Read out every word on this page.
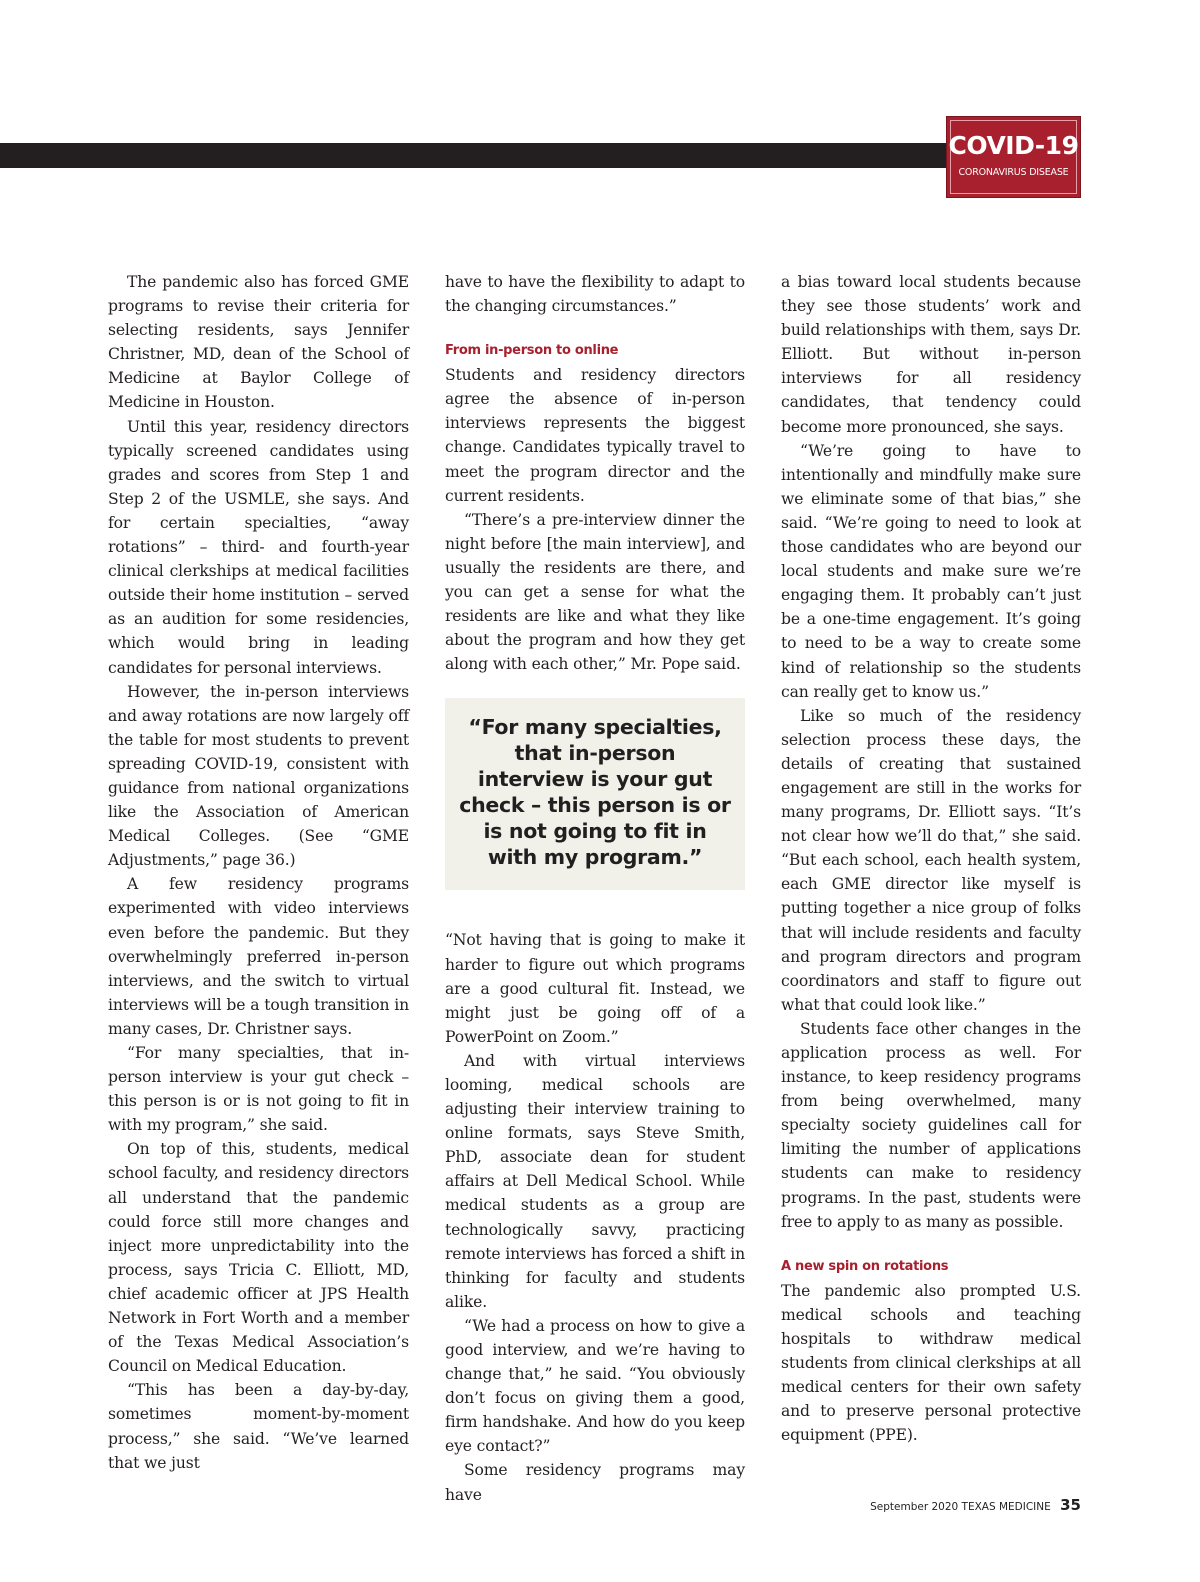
COVID-19
CORONAVIRUS DISEASE

The pandemic also has forced GME programs to revise their criteria for selecting residents, says Jennifer Christner, MD, dean of the School of Medicine at Baylor College of Medicine in Houston.

Until this year, residency directors typically screened candidates using grades and scores from Step 1 and Step 2 of the USMLE, she says. And for certain specialties, “away rotations” – third- and fourth-year clinical clerkships at medical facilities outside their home institution – served as an audition for some residencies, which would bring in leading candidates for personal interviews.

However, the in-person interviews and away rotations are now largely off the table for most students to prevent spreading COVID-19, consistent with guidance from national organizations like the Association of American Medical Colleges. (See “GME Adjustments,” page 36.)

A few residency programs experimented with video interviews even before the pandemic. But they overwhelmingly preferred in-person interviews, and the switch to virtual interviews will be a tough transition in many cases, Dr. Christner says.

“For many specialties, that in-person interview is your gut check – this person is or is not going to fit in with my program,” she said.

On top of this, students, medical school faculty, and residency directors all understand that the pandemic could force still more changes and inject more unpredictability into the process, says Tricia C. Elliott, MD, chief academic officer at JPS Health Network in Fort Worth and a member of the Texas Medical Association’s Council on Medical Education.

“This has been a day-by-day, sometimes moment-by-moment process,” she said. “We’ve learned that we just

have to have the flexibility to adapt to the changing circumstances.”

From in-person to online

Students and residency directors agree the absence of in-person interviews represents the biggest change. Candidates typically travel to meet the program director and the current residents.

“There’s a pre-interview dinner the night before [the main interview], and usually the residents are there, and you can get a sense for what the residents are like and what they like about the program and how they get along with each other,” Mr. Pope said.

“For many specialties, that in-person interview is your gut check – this person is or is not going to fit in with my program.”

“Not having that is going to make it harder to figure out which programs are a good cultural fit. Instead, we might just be going off of a PowerPoint on Zoom.”

And with virtual interviews looming, medical schools are adjusting their interview training to online formats, says Steve Smith, PhD, associate dean for student affairs at Dell Medical School. While medical students as a group are technologically savvy, practicing remote interviews has forced a shift in thinking for faculty and students alike.

“We had a process on how to give a good interview, and we’re having to change that,” he said. “You obviously don’t focus on giving them a good, firm handshake. And how do you keep eye contact?”

Some residency programs may have

a bias toward local students because they see those students’ work and build relationships with them, says Dr. Elliott. But without in-person interviews for all residency candidates, that tendency could become more pronounced, she says.

“We’re going to have to intentionally and mindfully make sure we eliminate some of that bias,” she said. “We’re going to need to look at those candidates who are beyond our local students and make sure we’re engaging them. It probably can’t just be a one-time engagement. It’s going to need to be a way to create some kind of relationship so the students can really get to know us.”

Like so much of the residency selection process these days, the details of creating that sustained engagement are still in the works for many programs, Dr. Elliott says. “It’s not clear how we’ll do that,” she said. “But each school, each health system, each GME director like myself is putting together a nice group of folks that will include residents and faculty and program directors and program coordinators and staff to figure out what that could look like.”

Students face other changes in the application process as well. For instance, to keep residency programs from being overwhelmed, many specialty society guidelines call for limiting the number of applications students can make to residency programs. In the past, students were free to apply to as many as possible.

A new spin on rotations

The pandemic also prompted U.S. medical schools and teaching hospitals to withdraw medical students from clinical clerkships at all medical centers for their own safety and to preserve personal protective equipment (PPE).

September 2020 TEXAS MEDICINE 35
